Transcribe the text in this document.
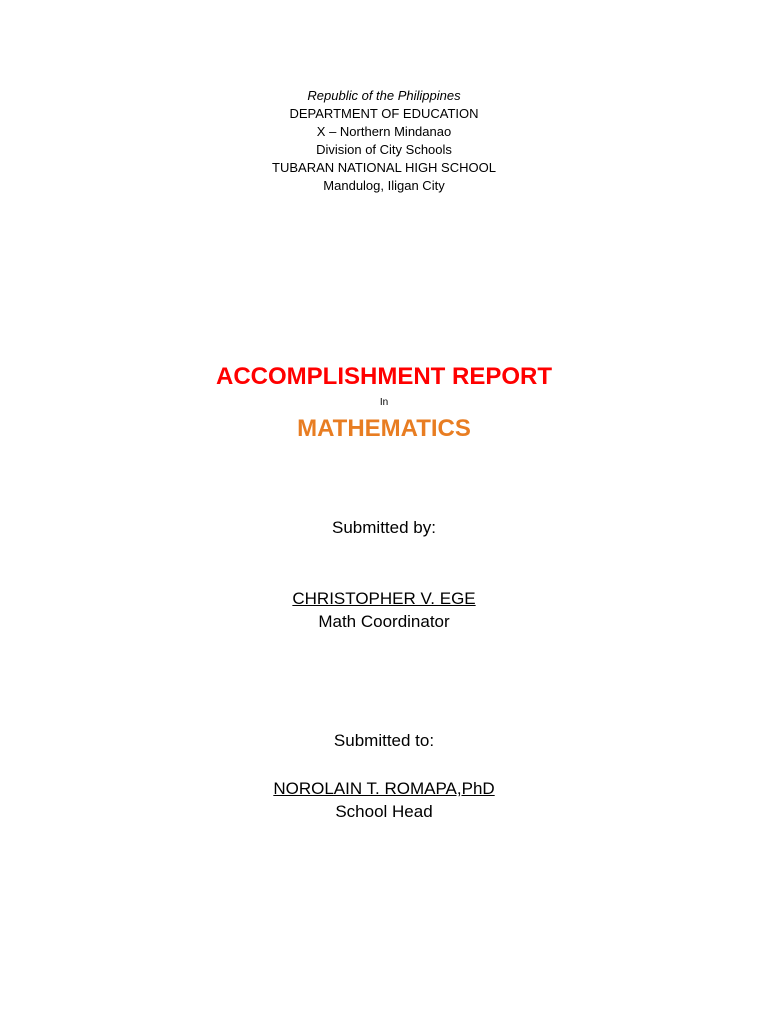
Republic of the Philippines
DEPARTMENT OF EDUCATION
X – Northern Mindanao
Division of City Schools
TUBARAN NATIONAL HIGH SCHOOL
Mandulog, Iligan City
ACCOMPLISHMENT REPORT
In
MATHEMATICS
Submitted by:
CHRISTOPHER V. EGE
Math Coordinator
Submitted to:
NOROLAIN T. ROMAPA,PhD
School Head
